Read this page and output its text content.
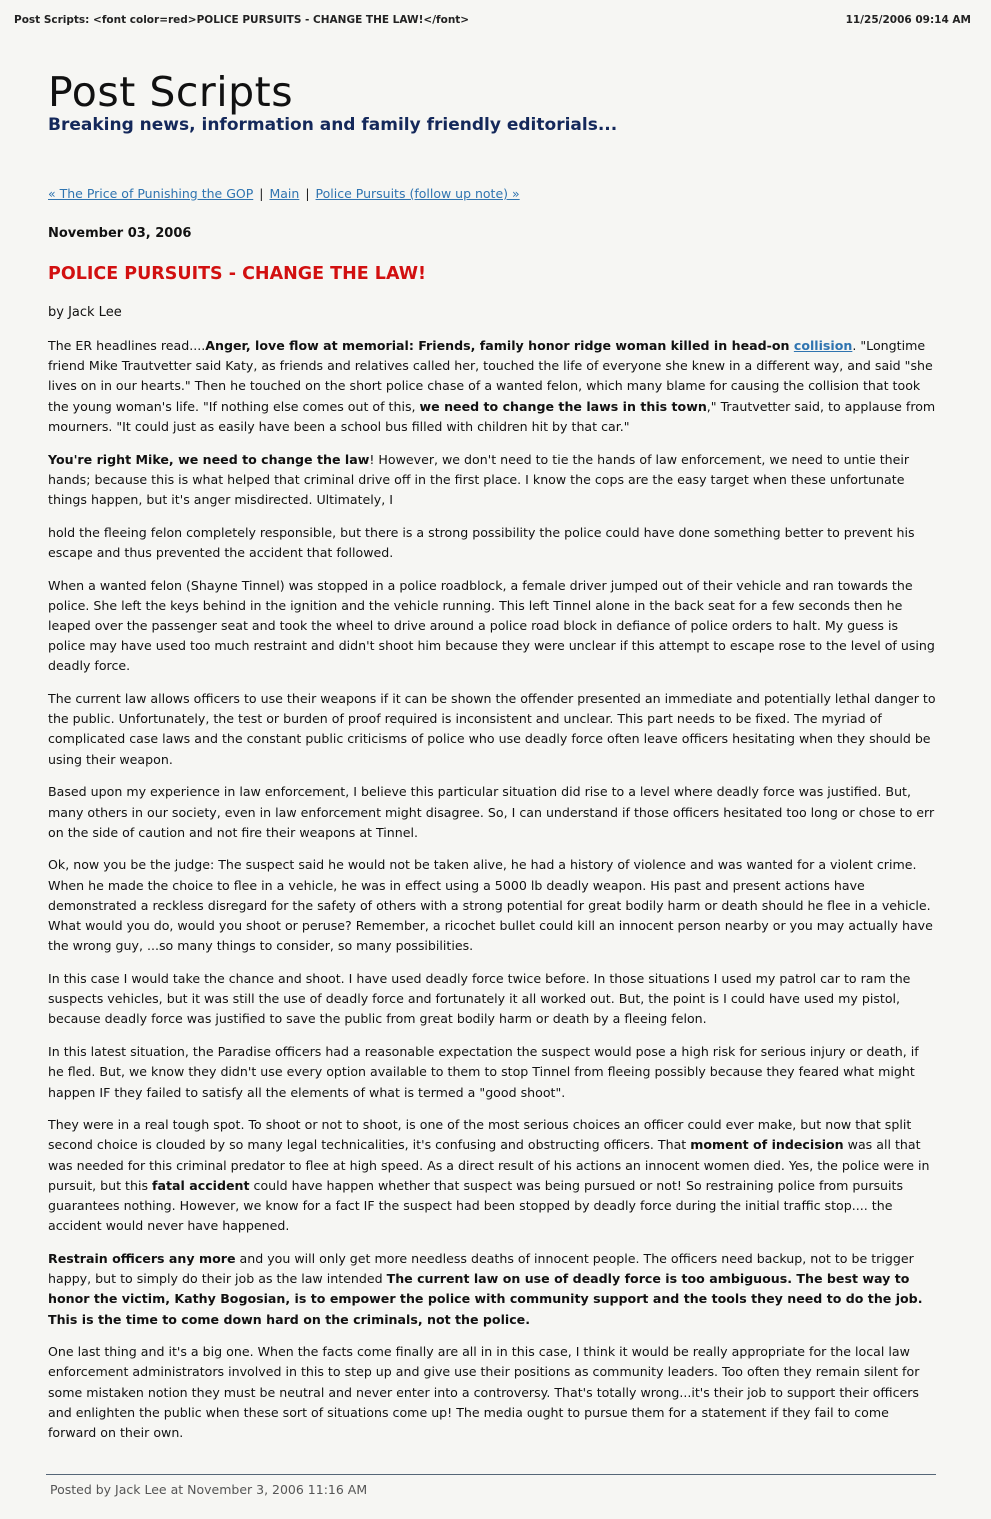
Post Scripts: <font color=red>POLICE PURSUITS - CHANGE THE LAW!</font>	11/25/2006 09:14 AM
Post Scripts
Breaking news, information and family friendly editorials...
« The Price of Punishing the GOP | Main | Police Pursuits (follow up note) »
November 03, 2006
POLICE PURSUITS - CHANGE THE LAW!
by Jack Lee

The ER headlines read....Anger, love flow at memorial: Friends, family honor ridge woman killed in head-on collision. "Longtime friend Mike Trautvetter said Katy, as friends and relatives called her, touched the life of everyone she knew in a different way, and said "she lives on in our hearts." Then he touched on the short police chase of a wanted felon, which many blame for causing the collision that took the young woman's life. "If nothing else comes out of this, we need to change the laws in this town," Trautvetter said, to applause from mourners. "It could just as easily have been a school bus filled with children hit by that car."

You're right Mike, we need to change the law! However, we don't need to tie the hands of law enforcement, we need to untie their hands; because this is what helped that criminal drive off in the first place. I know the cops are the easy target when these unfortunate things happen, but it's anger misdirected. Ultimately, I

hold the fleeing felon completely responsible, but there is a strong possibility the police could have done something better to prevent his escape and thus prevented the accident that followed.

When a wanted felon (Shayne Tinnel) was stopped in a police roadblock, a female driver jumped out of their vehicle and ran towards the police. She left the keys behind in the ignition and the vehicle running. This left Tinnel alone in the back seat for a few seconds then he leaped over the passenger seat and took the wheel to drive around a police road block in defiance of police orders to halt. My guess is police may have used too much restraint and didn't shoot him because they were unclear if this attempt to escape rose to the level of using deadly force.

The current law allows officers to use their weapons if it can be shown the offender presented an immediate and potentially lethal danger to the public. Unfortunately, the test or burden of proof required is inconsistent and unclear. This part needs to be fixed. The myriad of complicated case laws and the constant public criticisms of police who use deadly force often leave officers hesitating when they should be using their weapon.

Based upon my experience in law enforcement, I believe this particular situation did rise to a level where deadly force was justified. But, many others in our society, even in law enforcement might disagree. So, I can understand if those officers hesitated too long or chose to err on the side of caution and not fire their weapons at Tinnel.

Ok, now you be the judge: The suspect said he would not be taken alive, he had a history of violence and was wanted for a violent crime. When he made the choice to flee in a vehicle, he was in effect using a 5000 lb deadly weapon. His past and present actions have demonstrated a reckless disregard for the safety of others with a strong potential for great bodily harm or death should he flee in a vehicle. What would you do, would you shoot or peruse? Remember, a ricochet bullet could kill an innocent person nearby or you may actually have the wrong guy, ...so many things to consider, so many possibilities.

In this case I would take the chance and shoot. I have used deadly force twice before. In those situations I used my patrol car to ram the suspects vehicles, but it was still the use of deadly force and fortunately it all worked out. But, the point is I could have used my pistol, because deadly force was justified to save the public from great bodily harm or death by a fleeing felon.

In this latest situation, the Paradise officers had a reasonable expectation the suspect would pose a high risk for serious injury or death, if he fled. But, we know they didn't use every option available to them to stop Tinnel from fleeing possibly because they feared what might happen IF they failed to satisfy all the elements of what is termed a "good shoot".

They were in a real tough spot. To shoot or not to shoot, is one of the most serious choices an officer could ever make, but now that split second choice is clouded by so many legal technicalities, it's confusing and obstructing officers. That moment of indecision was all that was needed for this criminal predator to flee at high speed. As a direct result of his actions an innocent women died. Yes, the police were in pursuit, but this fatal accident could have happen whether that suspect was being pursued or not! So restraining police from pursuits guarantees nothing. However, we know for a fact IF the suspect had been stopped by deadly force during the initial traffic stop.... the accident would never have happened.

Restrain officers any more and you will only get more needless deaths of innocent people. The officers need backup, not to be trigger happy, but to simply do their job as the law intended The current law on use of deadly force is too ambiguous. The best way to honor the victim, Kathy Bogosian, is to empower the police with community support and the tools they need to do the job. This is the time to come down hard on the criminals, not the police.

One last thing and it's a big one. When the facts come finally are all in in this case, I think it would be really appropriate for the local law enforcement administrators involved in this to step up and give use their positions as community leaders. Too often they remain silent for some mistaken notion they must be neutral and never enter into a controversy. That's totally wrong...it's their job to support their officers and enlighten the public when these sort of situations come up! The media ought to pursue them for a statement if they fail to come forward on their own.

Posted by Jack Lee at November 3, 2006 11:16 AM
